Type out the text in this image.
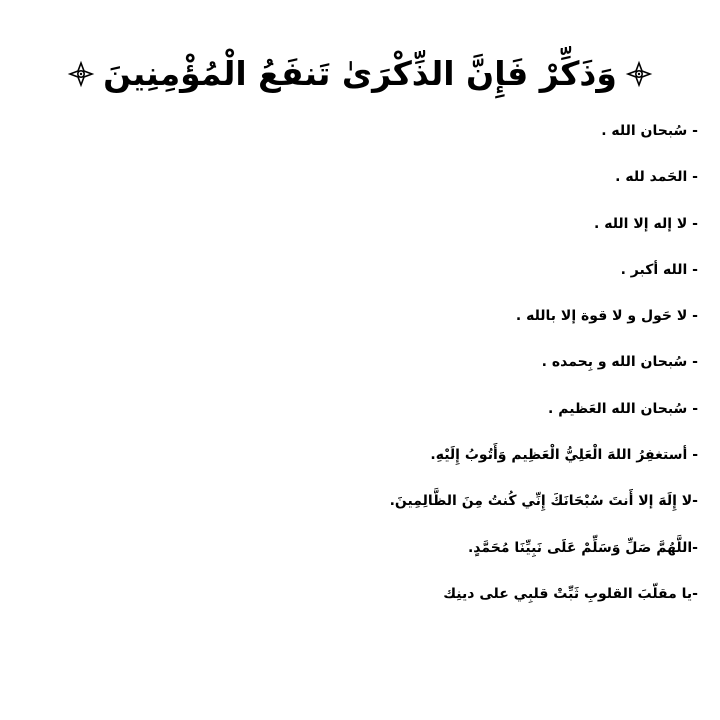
وَذَكِّرْ فَإِنَّ الذِّكْرَىٰ تَنفَعُ الْمُؤْمِنِينَ
- سُبحان الله .
- الحَمد لله .
- لا إله إلا الله .
- الله أكبر .
- لا حَول و لا قوة إلا بالله .
- سُبحان الله و بِحمده .
- سُبحان الله العَظيم .
- أستغفِرُ اللهَ الْعَلِيُّ الْعَظِيم وَأَتُوبُ إِلَيْهِ.
-لا إِلَهَ إلا أَنتَ سُبْحَانَكَ إِنِّي كُنتُ مِنَ الظَّالِمِينَ.
-اللَّهُمَّ صَلِّ وَسَلِّمْ عَلَى نَبِيِّنَا مُحَمَّدٍ.
-يا مقلّبَ القلوبِ ثَبِّتْ قلبِي على دينِك
